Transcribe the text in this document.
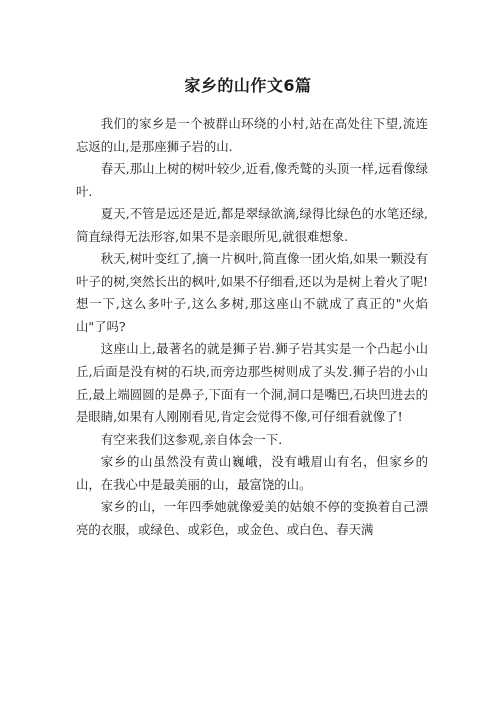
家乡的山作文6篇

我们的家乡是一个被群山环绕的小村,站在高处往下望,流连忘返的山,是那座狮子岩的山.

春天,那山上树的树叶较少,近看,像秃鹫的头顶一样,远看像绿叶.

夏天,不管是远还是近,都是翠绿欲滴,绿得比绿色的水笔还绿,简直绿得无法形容,如果不是亲眼所见,就很难想象.

秋天,树叶变红了,摘一片枫叶,简直像一团火焰,如果一颗没有叶子的树,突然长出的枫叶,如果不仔细看,还以为是树上着火了呢!想一下,这么多叶子,这么多树,那这座山不就成了真正的"火焰山"了吗?

这座山上,最著名的就是狮子岩.狮子岩其实是一个凸起小山丘,后面是没有树的石块,而旁边那些树则成了头发.狮子岩的小山丘,最上端圆圆的是鼻子,下面有一个洞,洞口是嘴巴,石块凹进去的是眼睛,如果有人刚刚看见,肯定会觉得不像,可仔细看就像了!

有空来我们这参观,亲自体会一下.

家乡的山虽然没有黄山巍峨，没有峨眉山有名，但家乡的山，在我心中是最美丽的山，最富饶的山。

家乡的山，一年四季她就像爱美的姑娘不停的变换着自己漂亮的衣服，或绿色、或彩色，或金色、或白色、春天满
